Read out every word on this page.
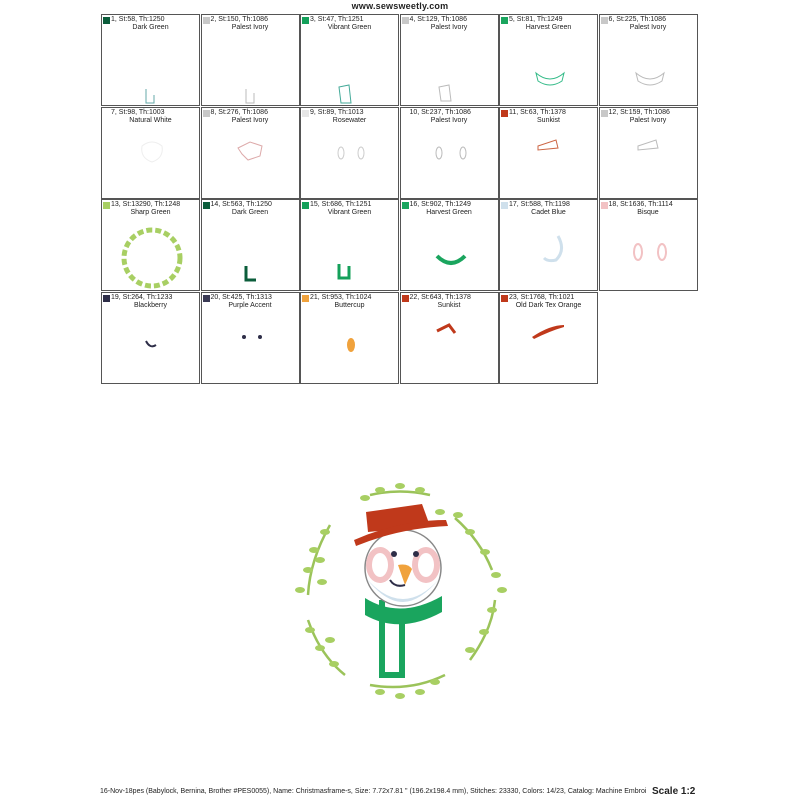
www.sewsweetly.com
1, St:58, Th:1250
Dark Green
2, St:150, Th:1086
Palest Ivory
3, St:47, Th:1251
Vibrant Green
4, St:129, Th:1086
Palest Ivory
5, St:81, Th:1249
Harvest Green
6, St:225, Th:1086
Palest Ivory
7, St:98, Th:1003
Natural White
8, St:276, Th:1086
Palest Ivory
9, St:89, Th:1013
Rosewater
10, St:237, Th:1086
Palest Ivory
11, St:63, Th:1378
Sunkist
12, St:159, Th:1086
Palest Ivory
13, St:13290, Th:1248
Sharp Green
14, St:563, Th:1250
Dark Green
15, St:686, Th:1251
Vibrant Green
16, St:902, Th:1249
Harvest Green
17, St:588, Th:1198
Cadet Blue
18, St:1636, Th:1114
Bisque
19, St:264, Th:1233
Blackberry
20, St:425, Th:1313
Purple Accent
21, St:953, Th:1024
Buttercup
22, St:643, Th:1378
Sunkist
23, St:1768, Th:1021
Old Dark Tex Orange
16-Nov-18pes (Babylock, Bernina, Brother #PES0055), Name: Christmasframe-s, Size: 7.72x7.81 " (196.2x198.4 mm), Stitches: 23330, Colors: 14/23, Catalog: Machine Embroi Scale 1:2
